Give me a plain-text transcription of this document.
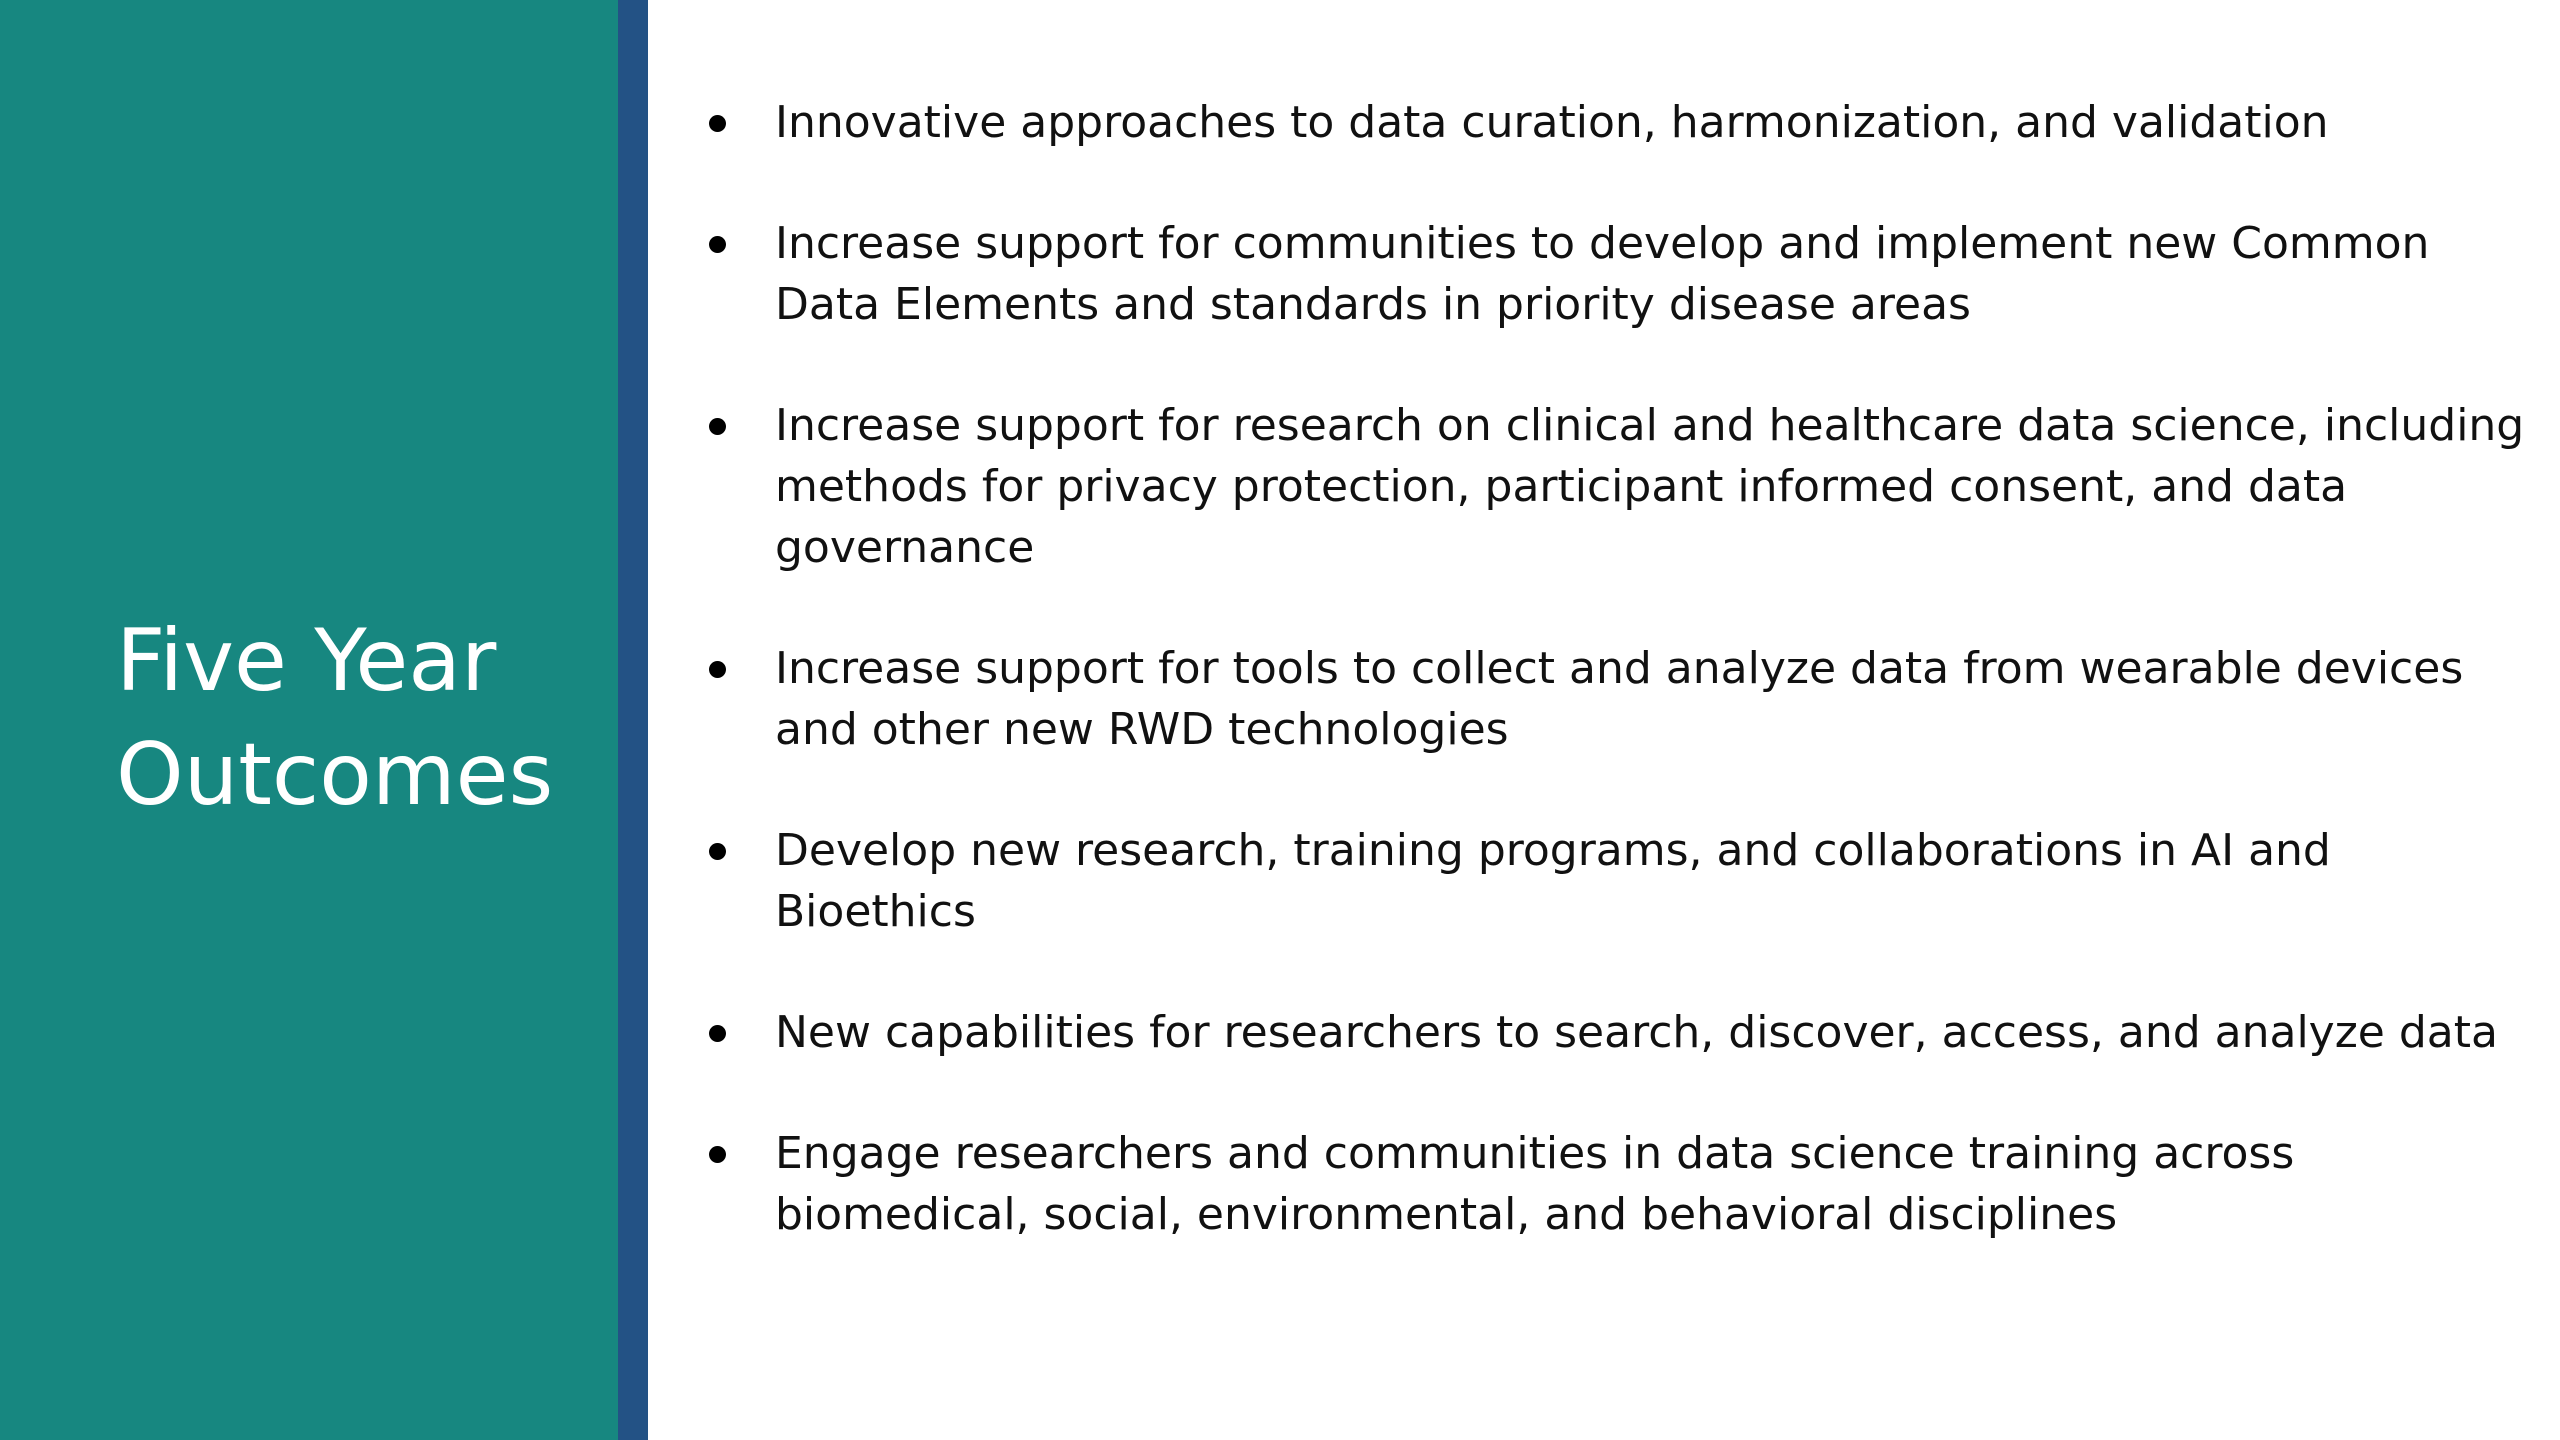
Five Year
Outcomes
Innovative approaches to data curation, harmonization, and validation
Increase support for communities to develop and implement new Common Data Elements and standards in priority disease areas
Increase support for research on clinical and healthcare data science, including methods for privacy protection, participant informed consent, and data governance
Increase support for tools to collect and analyze data from wearable devices and other new RWD technologies
Develop new research, training programs, and collaborations in AI and Bioethics
New capabilities for researchers to search, discover, access, and analyze data
Engage researchers and communities in data science training across biomedical, social, environmental, and behavioral disciplines
